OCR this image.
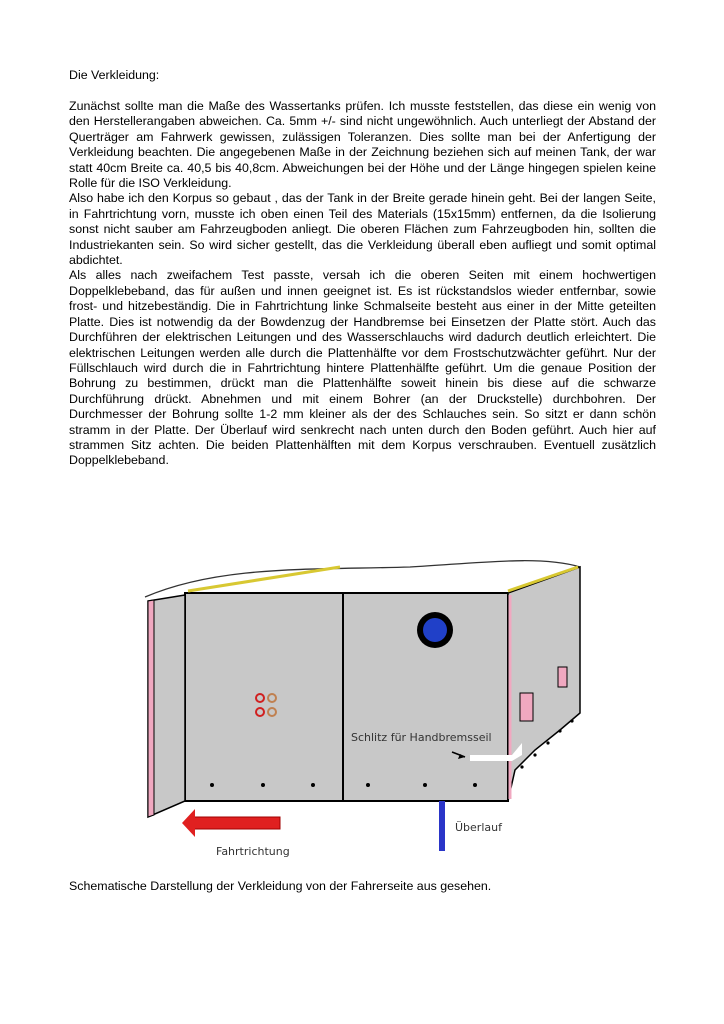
Die Verkleidung:

Zunächst sollte man die Maße des Wassertanks prüfen. Ich musste feststellen, das diese ein wenig von den Herstellerangaben abweichen. Ca. 5mm +/- sind nicht ungewöhnlich. Auch unterliegt der Abstand der Querträger am Fahrwerk gewissen, zulässigen Toleranzen. Dies sollte man bei der Anfertigung der Verkleidung beachten. Die angegebenen Maße in der Zeichnung beziehen sich auf meinen Tank, der war statt 40cm Breite ca. 40,5 bis 40,8cm. Abweichungen bei der Höhe und der Länge hingegen spielen keine Rolle für die ISO Verkleidung.

Also habe ich den Korpus so gebaut , das der Tank in der Breite gerade hinein geht. Bei der langen Seite, in Fahrtrichtung vorn, musste ich oben einen Teil des Materials (15x15mm) entfernen, da die Isolierung sonst nicht sauber am Fahrzeugboden anliegt. Die oberen Flächen zum Fahrzeugboden hin, sollten die Industriekanten sein. So wird sicher gestellt, das die Verkleidung überall eben aufliegt und somit optimal abdichtet.

Als alles nach zweifachem Test passte, versah ich die oberen Seiten mit einem hochwertigen Doppelklebeband, das für außen und innen geeignet ist. Es ist rückstandslos wieder entfernbar, sowie frost- und hitzebeständig. Die in Fahrtrichtung linke Schmalseite besteht aus einer in der Mitte geteilten Platte. Dies ist notwendig da der Bowdenzug der Handbremse bei Einsetzen der Platte stört. Auch das Durchführen der elektrischen Leitungen und des Wasserschlauchs wird dadurch deutlich erleichtert. Die elektrischen Leitungen werden alle durch die Plattenhälfte vor dem Frostschutzwächter geführt. Nur der Füllschlauch wird durch die in Fahrtrichtung hintere Plattenhälfte geführt. Um die genaue Position der Bohrung zu bestimmen, drückt man die Plattenhälfte soweit hinein bis diese auf die schwarze Durchführung drückt. Abnehmen und mit einem Bohrer (an der Druckstelle) durchbohren. Der Durchmesser der Bohrung sollte 1-2 mm kleiner als der des Schlauches sein. So sitzt er dann schön stramm in der Platte. Der Überlauf wird senkrecht nach unten durch den Boden geführt. Auch hier auf strammen Sitz achten. Die beiden Plattenhälften mit dem Korpus verschrauben. Eventuell zusätzlich Doppelklebeband.

Schlitz für Handbremsseil
Überlauf
Fahrtrichtung
Schematische Darstellung der Verkleidung von der Fahrerseite aus gesehen.
